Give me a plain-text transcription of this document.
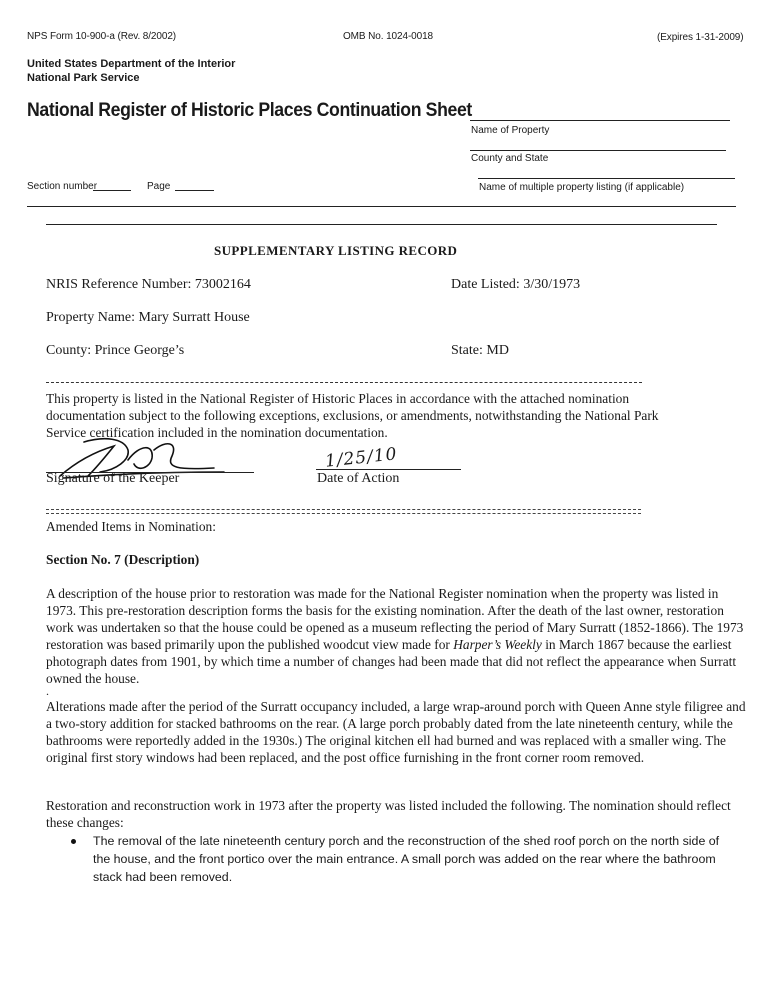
NPS Form 10-900-a (Rev. 8/2002)	OMB No. 1024-0018	(Expires 1-31-2009)
United States Department of the Interior
National Park Service
National Register of Historic Places Continuation Sheet
Name of Property
County and State
Section number	Page	Name of multiple property listing (if applicable)
SUPPLEMENTARY LISTING RECORD
NRIS Reference Number: 73002164	Date Listed: 3/30/1973
Property Name: Mary Surratt House
County: Prince George’s	State: MD
This property is listed in the National Register of Historic Places in accordance with the attached nomination documentation subject to the following exceptions, exclusions, or amendments, notwithstanding the National Park Service certification included in the nomination documentation.
Signature of the Keeper
1/25/10
Date of Action
Amended Items in Nomination:
Section No. 7 (Description)
A description of the house prior to restoration was made for the National Register nomination when the property was listed in 1973. This pre-restoration description forms the basis for the existing nomination. After the death of the last owner, restoration work was undertaken so that the house could be opened as a museum reflecting the period of Mary Surratt (1852-1866). The 1973 restoration was based primarily upon the published woodcut view made for Harper’s Weekly in March 1867 because the earliest photograph dates from 1901, by which time a number of changes had been made that did not reflect the appearance when Surratt owned the house.
.
Alterations made after the period of the Surratt occupancy included, a large wrap-around porch with Queen Anne style filigree and a two-story addition for stacked bathrooms on the rear. (A large porch probably dated from the late nineteenth century, while the bathrooms were reportedly added in the 1930s.) The original kitchen ell had burned and was replaced with a smaller wing. The original first story windows had been replaced, and the post office furnishing in the front corner room removed.
Restoration and reconstruction work in 1973 after the property was listed included the following. The nomination should reflect these changes:
The removal of the late nineteenth century porch and the reconstruction of the shed roof porch on the north side of the house, and the front portico over the main entrance. A small porch was added on the rear where the bathroom stack had been removed.
